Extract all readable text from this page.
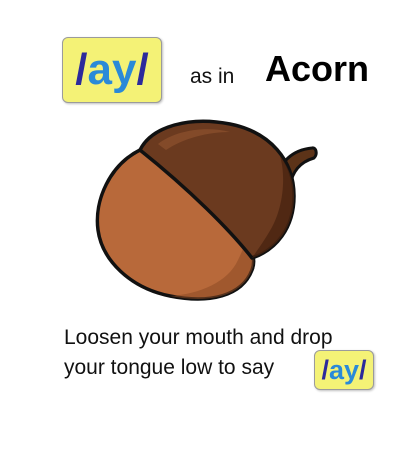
/ ay / as in Acorn
Loosen your mouth and drop
your tongue low to say	/ ay /
